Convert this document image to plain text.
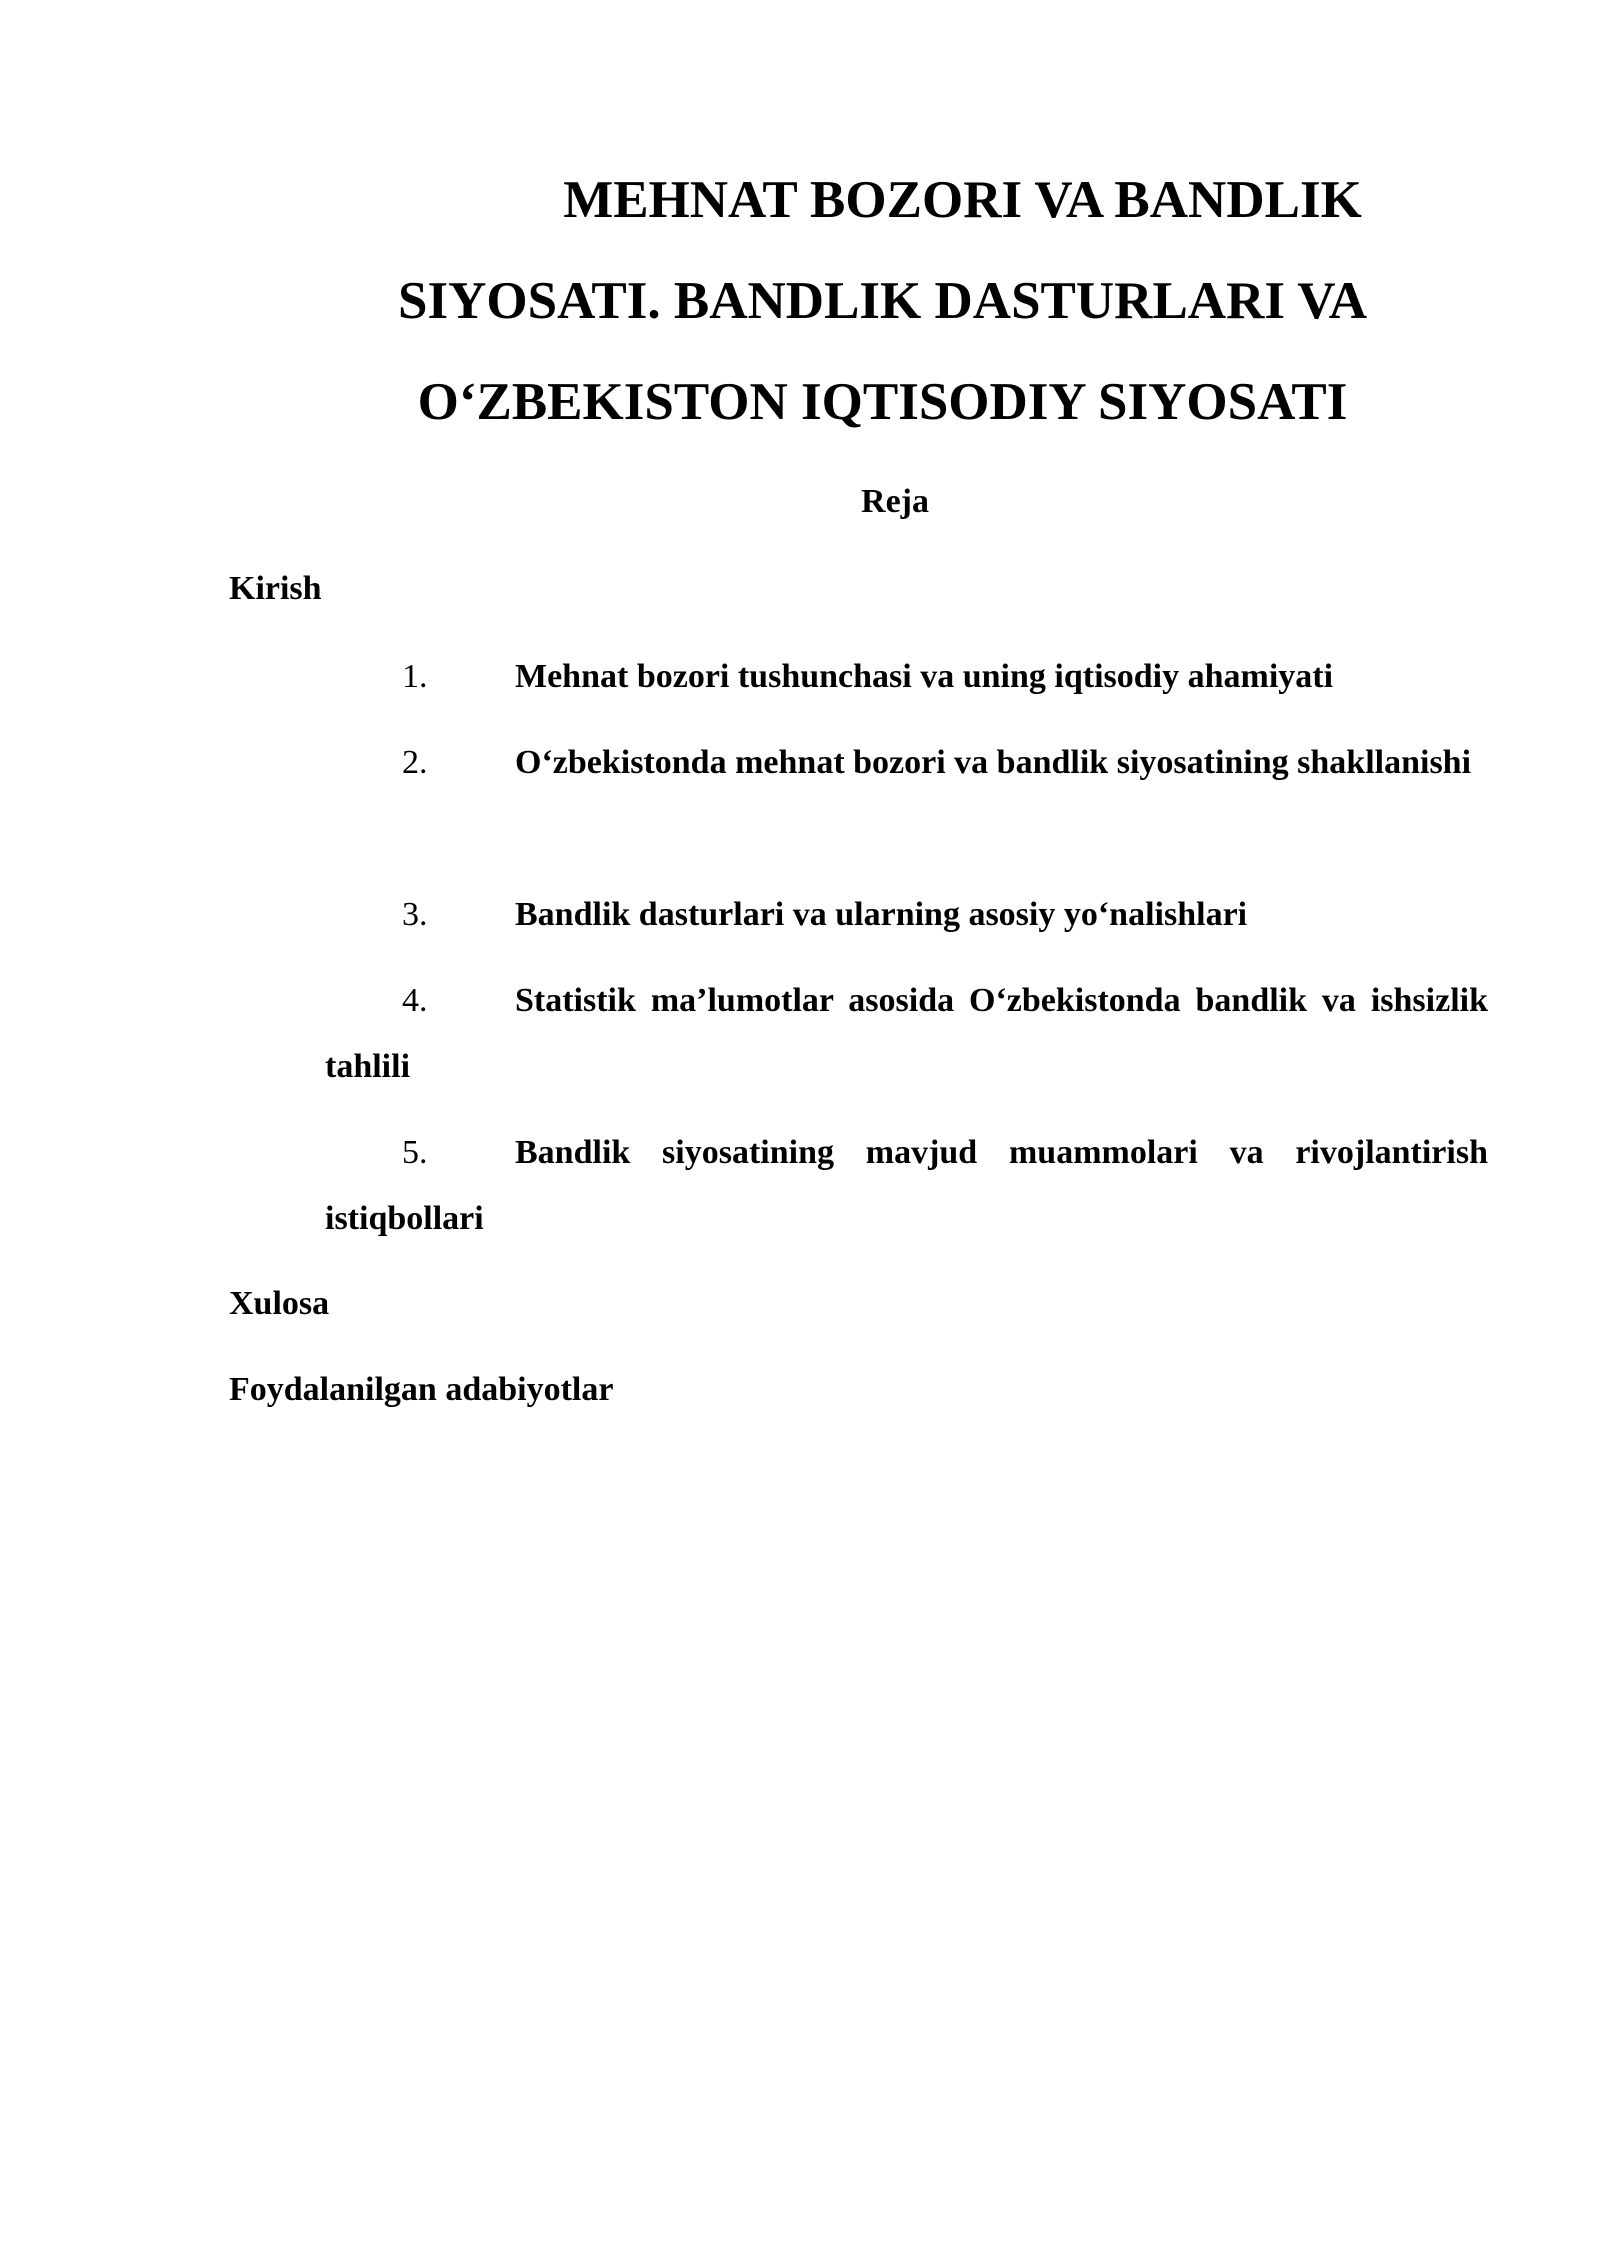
MEHNAT BOZORI VA BANDLIK
SIYOSATI. BANDLIK DASTURLARI VA
O‘ZBEKISTON IQTISODIY SIYOSATI
Reja
Kirish
1.	Mehnat bozori tushunchasi va uning iqtisodiy ahamiyati
2.	O‘zbekistonda mehnat bozori va bandlik siyosatining shakllanishi
3.	Bandlik dasturlari va ularning asosiy yo‘nalishlari
4.	Statistik ma’lumotlar asosida O‘zbekistonda bandlik va ishsizlik tahlili
5.	Bandlik siyosatining mavjud muammolari va rivojlantirish istiqbollari
Xulosa
Foydalanilgan adabiyotlar
